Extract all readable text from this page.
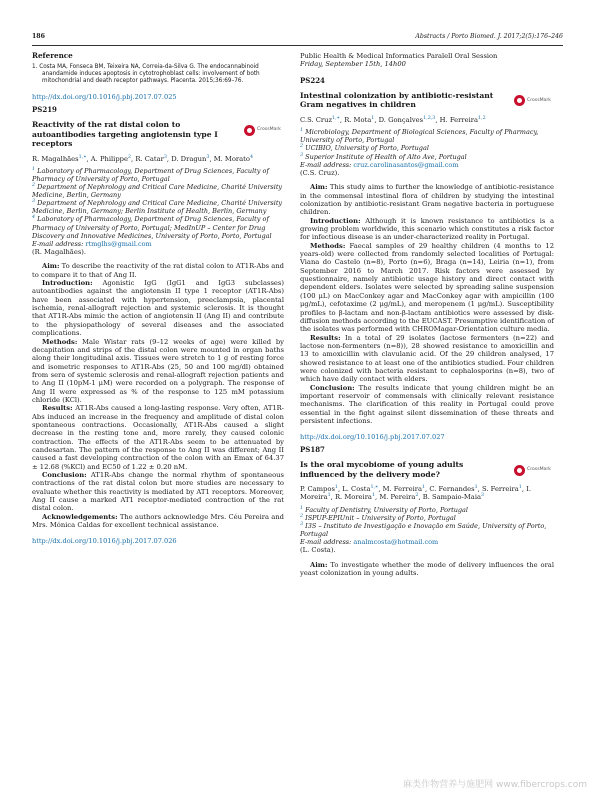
186	Abstracts / Porto Biomed. J. 2017;2(5):176–246
Reference
1. Costa MA, Fonseca BM, Teixeira NA, Correia-da-Silva G. The endocannabinoid anandamide induces apoptosis in cytotrophoblast cells: involvement of both mitochondrial and death receptor pathways. Placenta. 2015;36:69–76.
http://dx.doi.org/10.1016/j.pbj.2017.07.025
PS219
Reactivity of the rat distal colon to autoantibodies targeting angiotensin type I receptors
CrossMark
R. Magalhães$^{1,∗}$, A. Philippe$^2$, R. Catar$^3$, D. Dragun$^3$, M. Morato$^4$
$^1$ Laboratory of Pharmacology, Department of Drug Sciences, Faculty of Pharmacy of University of Porto, Portugal
$^2$ Department of Nephrology and Critical Care Medicine, Charité University Medicine, Berlin, Germany
$^3$ Department of Nephrology and Critical Care Medicine, Charité University Medicine, Berlin, Germany; Berlin Institute of Health, Berlin, Germany
$^4$ Laboratory of Pharmacology, Department of Drug Sciences, Faculty of Pharmacy of University of Porto, Portugal; MedInUP – Center for Drug Discovery and Innovative Medicines, University of Porto, Porto, Portugal
E-mail address: rtmglhs@gmail.com
(R. Magalhães).

Aim: To describe the reactivity of the rat distal colon to AT1R-Abs and to compare it to that of Ang II.

Introduction: Agonistic IgG (IgG1 and IgG3 subclasses) autoantibodies against the angiotensin II type 1 receptor (AT1R-Abs) have been associated with hypertension, preeclampsia, placental ischemia, renal-allograft rejection and systemic sclerosis. It is thought that AT1R-Abs mimic the action of angiotensin II (Ang II) and contribute to the physiopathology of several diseases and the associated complications.

Methods: Male Wistar rats (9–12 weeks of age) were killed by decapitation and strips of the distal colon were mounted in organ baths along their longitudinal axis. Tissues were stretch to 1 g of resting force and isometric responses to AT1R-Abs (25, 50 and 100 mg/dl) obtained from sera of systemic sclerosis and renal-allograft rejection patients and to Ang II (10pM-1 μM) were recorded on a polygraph. The response of Ang II were expressed as % of the response to 125 mM potassium chloride (KCl).

Results: AT1R-Abs caused a long-lasting response. Very often, AT1R-Abs induced an increase in the frequency and amplitude of distal colon spontaneous contractions. Occasionally, AT1R-Abs caused a slight decrease in the resting tone and, more rarely, they caused colonic contraction. The effects of the AT1R-Abs seem to be attenuated by candesartan. The pattern of the response to Ang II was different; Ang II caused a fast developing contraction of the colon with an Emax of 64.37 ± 12.68 (%KCl) and EC50 of 1.22 ± 0.20 nM.

Conclusion: AT1R-Abs change the normal rhythm of spontaneous contractions of the rat distal colon but more studies are necessary to evaluate whether this reactivity is mediated by AT1 receptors. Moreover, Ang II cause a marked AT1 receptor-mediated contraction of the rat distal colon.

Acknowledgements: The authors acknowledge Mrs. Céu Pereira and Mrs. Mónica Caldas for excellent technical assistance.

http://dx.doi.org/10.1016/j.pbj.2017.07.026
Public Health & Medical Informatics Paralell Oral Session
Friday, September 15th, 14h00
PS224
Intestinal colonization by antibiotic-resistant Gram negatives in children
CrossMark
C.S. Cruz$^{1,∗}$, R. Mota$^1$, D. Gonçalves$^{1,2,3}$, H. Ferreira$^{1,2}$
$^1$ Microbiology, Department of Biological Sciences, Faculty of Pharmacy, University of Porto, Portugal
$^2$ UCIBIO, University of Porto, Portugal
$^3$ Superior Institute of Health of Alto Ave, Portugal
E-mail address: cruz.carolinasantos@gmail.com
(C.S. Cruz).

Aim: This study aims to further the knowledge of antibiotic-resistance in the commensal intestinal flora of children by studying the intestinal colonization by antibiotic-resistant Gram negative bacteria in portuguese children.

Introduction: Although it is known resistance to antibiotics is a growing problem worldwide, this scenario which constitutes a risk factor for infectious disease is an under-characterized reality in Portugal.

Methods: Faecal samples of 29 healthy children (4 months to 12 years-old) were collected from randomly selected localities of Portugal: Viana do Castelo (n=8), Porto (n=6), Braga (n=14), Leiria (n=1), from September 2016 to March 2017. Risk factors were assessed by questionnaire, namely antibiotic usage history and direct contact with dependent elders. Isolates were selected by spreading saline suspension (100 μL) on MacConkey agar and MacConkey agar with ampicillin (100 μg/mL), cefotaxime (2 μg/mL), and meropenem (1 μg/mL). Susceptibility profiles to β-lactam and non-β-lactam antibiotics were assessed by disk-diffusion methods according to the EUCAST. Presumptive identification of the isolates was performed with CHROMagar-Orientation culture media.

Results: In a total of 29 isolates (lactose fermenters (n=22) and lactose non-fermenters (n=8)), 28 showed resistance to amoxicillin and 13 to amoxicillin with clavulanic acid. Of the 29 children analysed, 17 showed resistance to at least one of the antibiotics studied. Four children were colonized with bacteria resistant to cephalosporins (n=8), two of which have daily contact with elders.

Conclusion: The results indicate that young children might be an important reservoir of commensals with clinically relevant resistance mechanisms. The clarification of this reality in Portugal could prove essential in the fight against silent dissemination of these threats and persistent infections.

http://dx.doi.org/10.1016/j.pbj.2017.07.027
PS187
Is the oral mycobiome of young adults influenced by the delivery mode?
CrossMark
P. Campos$^1$, L. Costa$^{1,∗}$, M. Ferreira$^1$, C. Fernandes$^1$, S. Ferreira$^1$, I. Moreira$^1$, R. Moreira$^1$, M. Pereira$^2$, B. Sampaio-Maia$^3$
$^1$ Faculty of Dentistry, University of Porto, Portugal
$^2$ ISPUP-EPIUnit – University of Porto, Portugal
$^3$ I3S – Instituto de Investigação e Inovação em Saúde, University of Porto, Portugal
E-mail address: analmcosta@hotmail.com
(L. Costa).

Aim: To investigate whether the mode of delivery influences the oral yeast colonization in young adults.

麻类作物营养与施肥网 www.fibercrops.com
